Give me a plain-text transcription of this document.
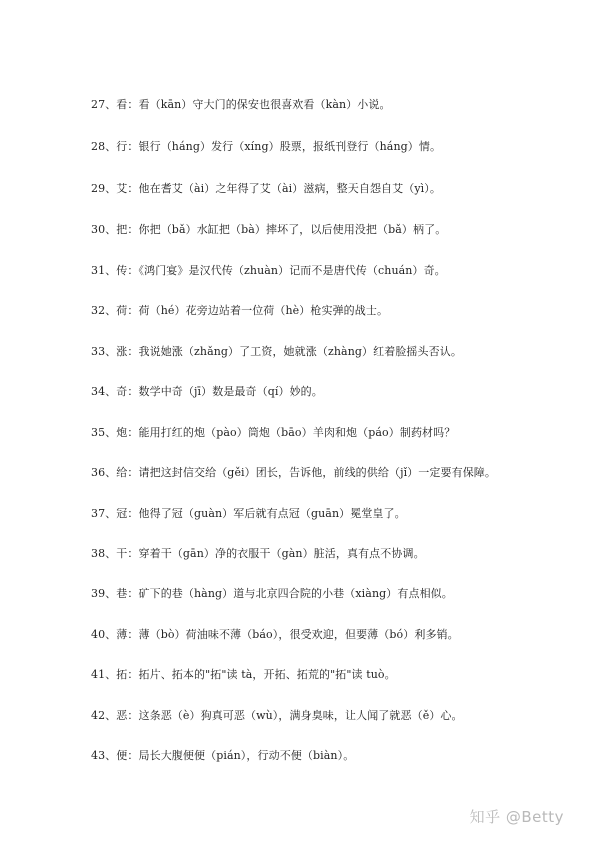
27、看：看（kān）守大门的保安也很喜欢看（kàn）小说。
28、行：银行（háng）发行（xíng）股票，报纸刊登行（háng）情。
29、艾：他在耆艾（ài）之年得了艾（ài）滋病，整天自怨自艾（yì）。
30、把：你把（bǎ）水缸把（bà）摔坏了，以后使用没把（bǎ）柄了。
31、传：《鸿门宴》是汉代传（zhuàn）记而不是唐代传（chuán）奇。
32、荷：荷（hé）花旁边站着一位荷（hè）枪实弹的战士。
33、涨：我说她涨（zhǎng）了工资，她就涨（zhàng）红着脸摇头否认。
34、奇：数学中奇（jī）数是最奇（qí）妙的。
35、炮：能用打红的炮（pào）筒炮（bāo）羊肉和炮（páo）制药材吗？
36、给：请把这封信交给（gěi）团长，告诉他，前线的供给（jǐ）一定要有保障。
37、冠：他得了冠（guàn）军后就有点冠（guān）冕堂皇了。
38、干：穿着干（gān）净的衣服干（gàn）脏活，真有点不协调。
39、巷：矿下的巷（hàng）道与北京四合院的小巷（xiàng）有点相似。
40、薄：薄（bò）荷油味不薄（báo），很受欢迎，但要薄（bó）利多销。
41、拓：拓片、拓本的"拓"读 tà，开拓、拓荒的"拓"读 tuò。
42、恶：这条恶（è）狗真可恶（wù），满身臭味，让人闻了就恶（ě）心。
43、便：局长大腹便便（pián），行动不便（biàn）。
知乎 @Betty
